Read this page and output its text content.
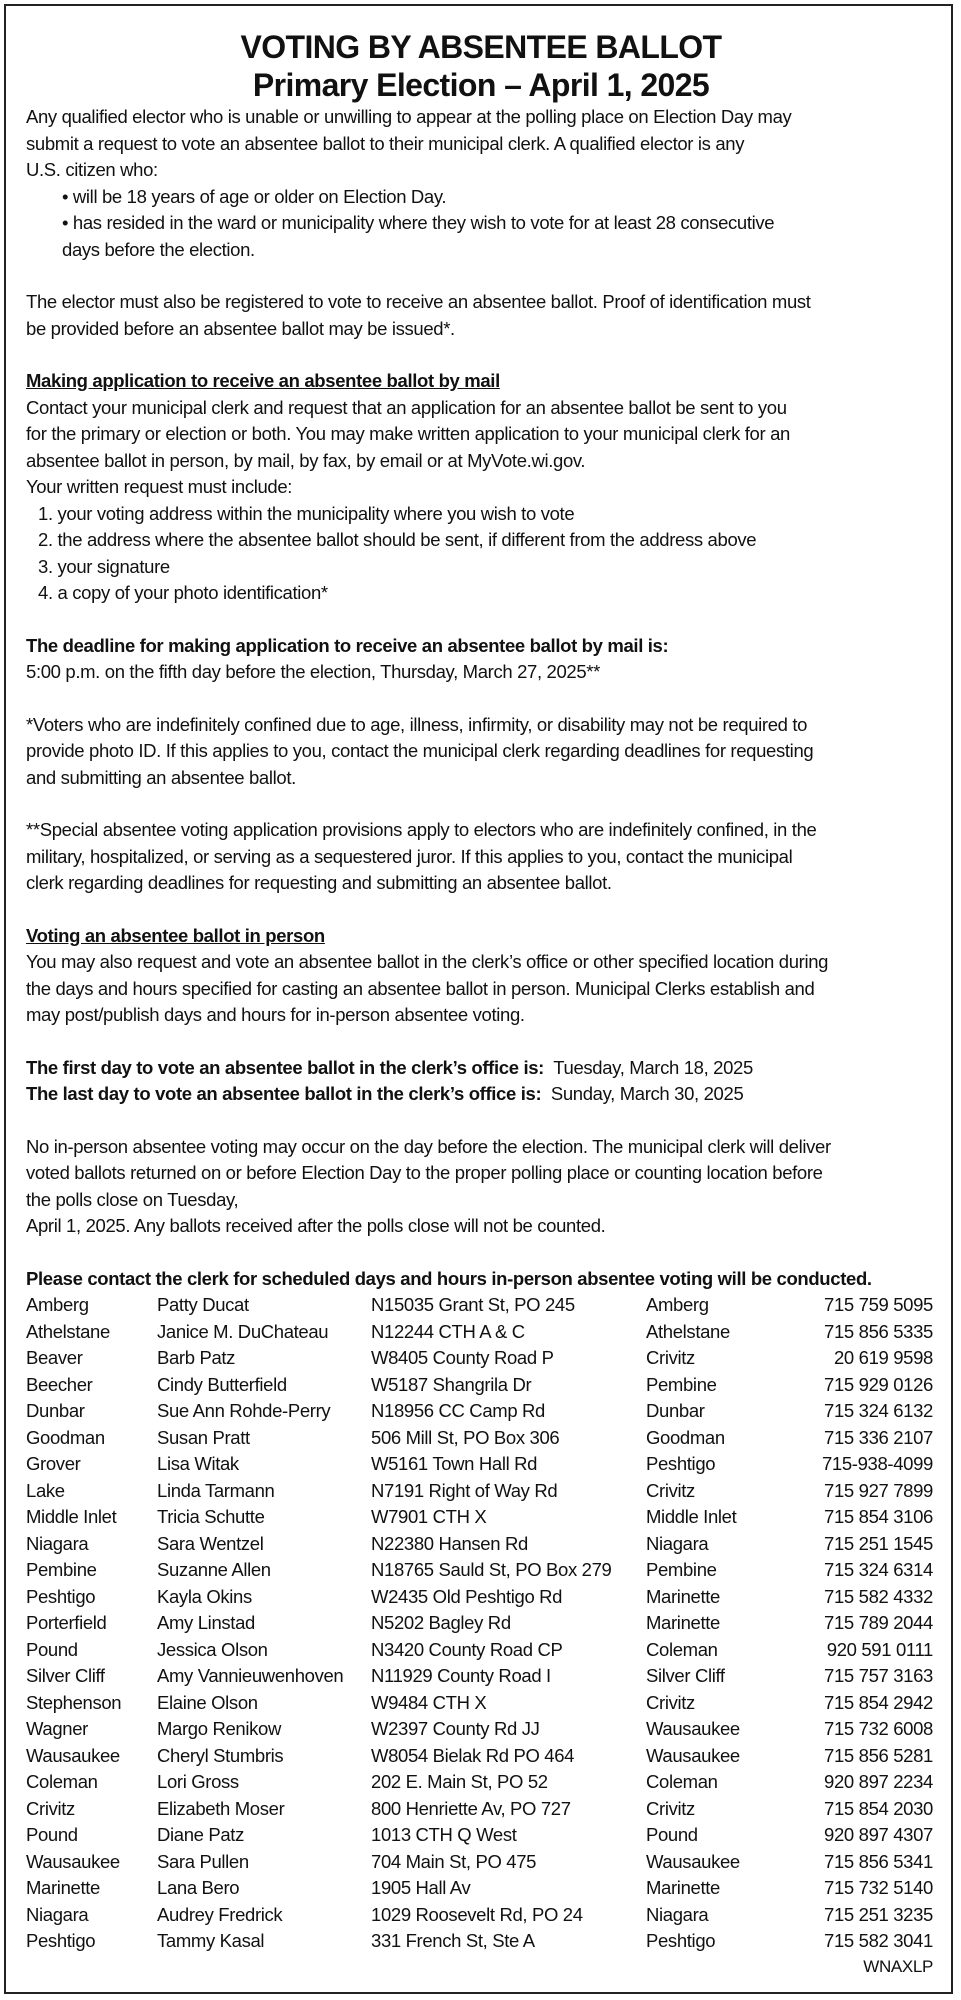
VOTING BY ABSENTEE BALLOT
Primary Election – April 1, 2025

Any qualified elector who is unable or unwilling to appear at the polling place on Election Day may

submit a request to vote an absentee ballot to their municipal clerk. A qualified elector is any

U.S. citizen who:

• will be 18 years of age or older on Election Day.

• has resided in the ward or municipality where they wish to vote for at least 28 consecutive

days before the election.

The elector must also be registered to vote to receive an absentee ballot. Proof of identification must

be provided before an absentee ballot may be issued*.

Making application to receive an absentee ballot by mail

Contact your municipal clerk and request that an application for an absentee ballot be sent to you

for the primary or election or both. You may make written application to your municipal clerk for an

absentee ballot in person, by mail, by fax, by email or at MyVote.wi.gov.

Your written request must include:

1. your voting address within the municipality where you wish to vote

2. the address where the absentee ballot should be sent, if different from the address above

3. your signature

4. a copy of your photo identification*

The deadline for making application to receive an absentee ballot by mail is:

5:00 p.m. on the fifth day before the election, Thursday, March 27, 2025**

*Voters who are indefinitely confined due to age, illness, infirmity, or disability may not be required to

provide photo ID. If this applies to you, contact the municipal clerk regarding deadlines for requesting

and submitting an absentee ballot.

**Special absentee voting application provisions apply to electors who are indefinitely confined, in the

military, hospitalized, or serving as a sequestered juror. If this applies to you, contact the municipal

clerk regarding deadlines for requesting and submitting an absentee ballot.

Voting an absentee ballot in person

You may also request and vote an absentee ballot in the clerk’s office or other specified location during

the days and hours specified for casting an absentee ballot in person. Municipal Clerks establish and

may post/publish days and hours for in-person absentee voting.

The first day to vote an absentee ballot in the clerk’s office is: Tuesday, March 18, 2025

The last day to vote an absentee ballot in the clerk’s office is: Sunday, March 30, 2025

No in-person absentee voting may occur on the day before the election. The municipal clerk will deliver

voted ballots returned on or before Election Day to the proper polling place or counting location before

the polls close on Tuesday,

April 1, 2025. Any ballots received after the polls close will not be counted.

Please contact the clerk for scheduled days and hours in-person absentee voting will be conducted.

Amberg	Patty Ducat	N15035 Grant St, PO 245	Amberg	715 759 5095
Athelstane	Janice M. DuChateau	N12244 CTH A & C	Athelstane	715 856 5335
Beaver	Barb Patz	W8405 County Road P	Crivitz	20 619 9598
Beecher	Cindy Butterfield	W5187 Shangrila Dr	Pembine	715 929 0126
Dunbar	Sue Ann Rohde-Perry	N18956 CC Camp Rd	Dunbar	715 324 6132
Goodman	Susan Pratt	506 Mill St, PO Box 306	Goodman	715 336 2107
Grover	Lisa Witak	W5161 Town Hall Rd	Peshtigo	715-938-4099
Lake	Linda Tarmann	N7191 Right of Way Rd	Crivitz	715 927 7899
Middle Inlet	Tricia Schutte	W7901 CTH X	Middle Inlet	715 854 3106
Niagara	Sara Wentzel	N22380 Hansen Rd	Niagara	715 251 1545
Pembine	Suzanne Allen	N18765 Sauld St, PO Box 279	Pembine	715 324 6314
Peshtigo	Kayla Okins	W2435 Old Peshtigo Rd	Marinette	715 582 4332
Porterfield	Amy Linstad	N5202 Bagley Rd	Marinette	715 789 2044
Pound	Jessica Olson	N3420 County Road CP	Coleman	920 591 0111
Silver Cliff	Amy Vannieuwenhoven	N11929 County Road I	Silver Cliff	715 757 3163
Stephenson	Elaine Olson	W9484 CTH X	Crivitz	715 854 2942
Wagner	Margo Renikow	W2397 County Rd JJ	Wausaukee	715 732 6008
Wausaukee	Cheryl Stumbris	W8054 Bielak Rd PO 464	Wausaukee	715 856 5281
Coleman	Lori Gross	202 E. Main St, PO 52	Coleman	920 897 2234
Crivitz	Elizabeth Moser	800 Henriette Av, PO 727	Crivitz	715 854 2030
Pound	Diane Patz	1013 CTH Q West	Pound	920 897 4307
Wausaukee	Sara Pullen	704 Main St, PO 475	Wausaukee	715 856 5341
Marinette	Lana Bero	1905 Hall Av	Marinette	715 732 5140
Niagara	Audrey Fredrick	1029 Roosevelt Rd, PO 24	Niagara	715 251 3235
Peshtigo	Tammy Kasal	331 French St, Ste A	Peshtigo	715 582 3041
WNAXLP
